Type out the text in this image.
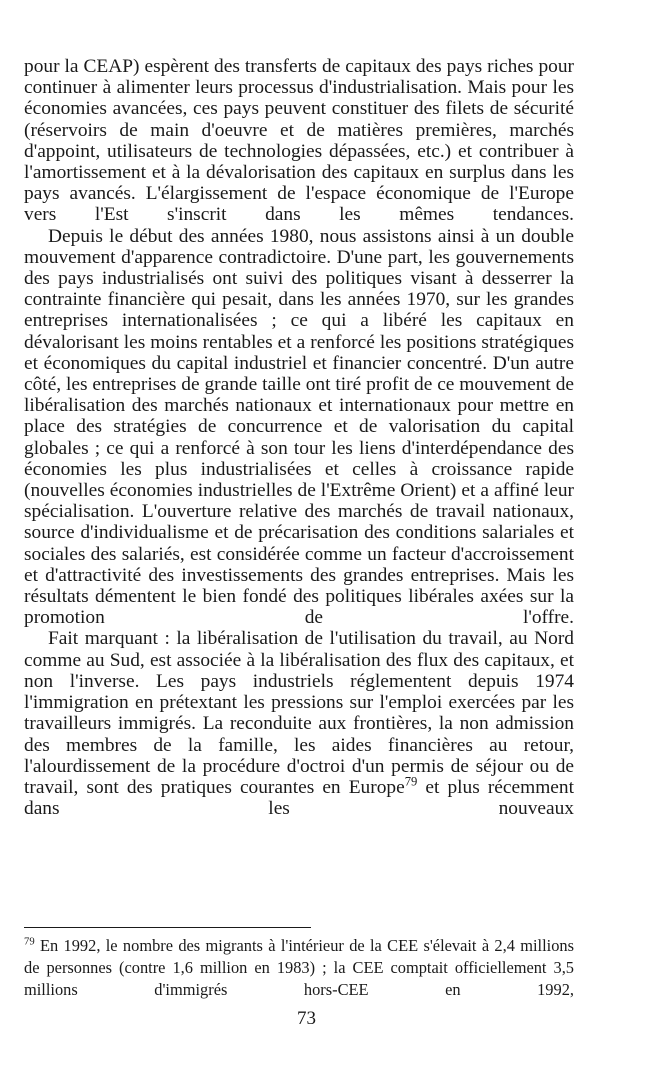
pour la CEAP) espèrent des transferts de capitaux des pays riches pour continuer à alimenter leurs processus d'industrialisation. Mais pour les économies avancées, ces pays peuvent constituer des filets de sécurité (réservoirs de main d'oeuvre et de matières premières, marchés d'appoint, utilisateurs de technologies dépassées, etc.) et contribuer à l'amortissement et à la dévalorisation des capitaux en surplus dans les pays avancés. L'élargissement de l'espace économique de l'Europe vers l'Est s'inscrit dans les mêmes tendances.

Depuis le début des années 1980, nous assistons ainsi à un double mouvement d'apparence contradictoire. D'une part, les gouvernements des pays industrialisés ont suivi des politiques visant à desserrer la contrainte financière qui pesait, dans les années 1970, sur les grandes entreprises internationalisées ; ce qui a libéré les capitaux en dévalorisant les moins rentables et a renforcé les positions stratégiques et économiques du capital industriel et financier concentré. D'un autre côté, les entreprises de grande taille ont tiré profit de ce mouvement de libéralisation des marchés nationaux et internationaux pour mettre en place des stratégies de concurrence et de valorisation du capital globales ; ce qui a renforcé à son tour les liens d'interdépendance des économies les plus industrialisées et celles à croissance rapide (nouvelles économies industrielles de l'Extrême Orient) et a affiné leur spécialisation. L'ouverture relative des marchés de travail nationaux, source d'individualisme et de précarisation des conditions salariales et sociales des salariés, est considérée comme un facteur d'accroissement et d'attractivité des investissements des grandes entreprises. Mais les résultats démentent le bien fondé des politiques libérales axées sur la promotion de l'offre.

Fait marquant : la libéralisation de l'utilisation du travail, au Nord comme au Sud, est associée à la libéralisation des flux des capitaux, et non l'inverse. Les pays industriels réglementent depuis 1974 l'immigration en prétextant les pressions sur l'emploi exercées par les travailleurs immigrés. La reconduite aux frontières, la non admission des membres de la famille, les aides financières au retour, l'alourdissement de la procédure d'octroi d'un permis de séjour ou de travail, sont des pratiques courantes en Europe$^{79}$ et plus récemment dans les nouveaux

$^{79}$ En 1992, le nombre des migrants à l'intérieur de la CEE s'élevait à 2,4 millions de personnes (contre 1,6 million en 1983) ; la CEE comptait officiellement 3,5 millions d'immigrés hors-CEE en 1992,

73
